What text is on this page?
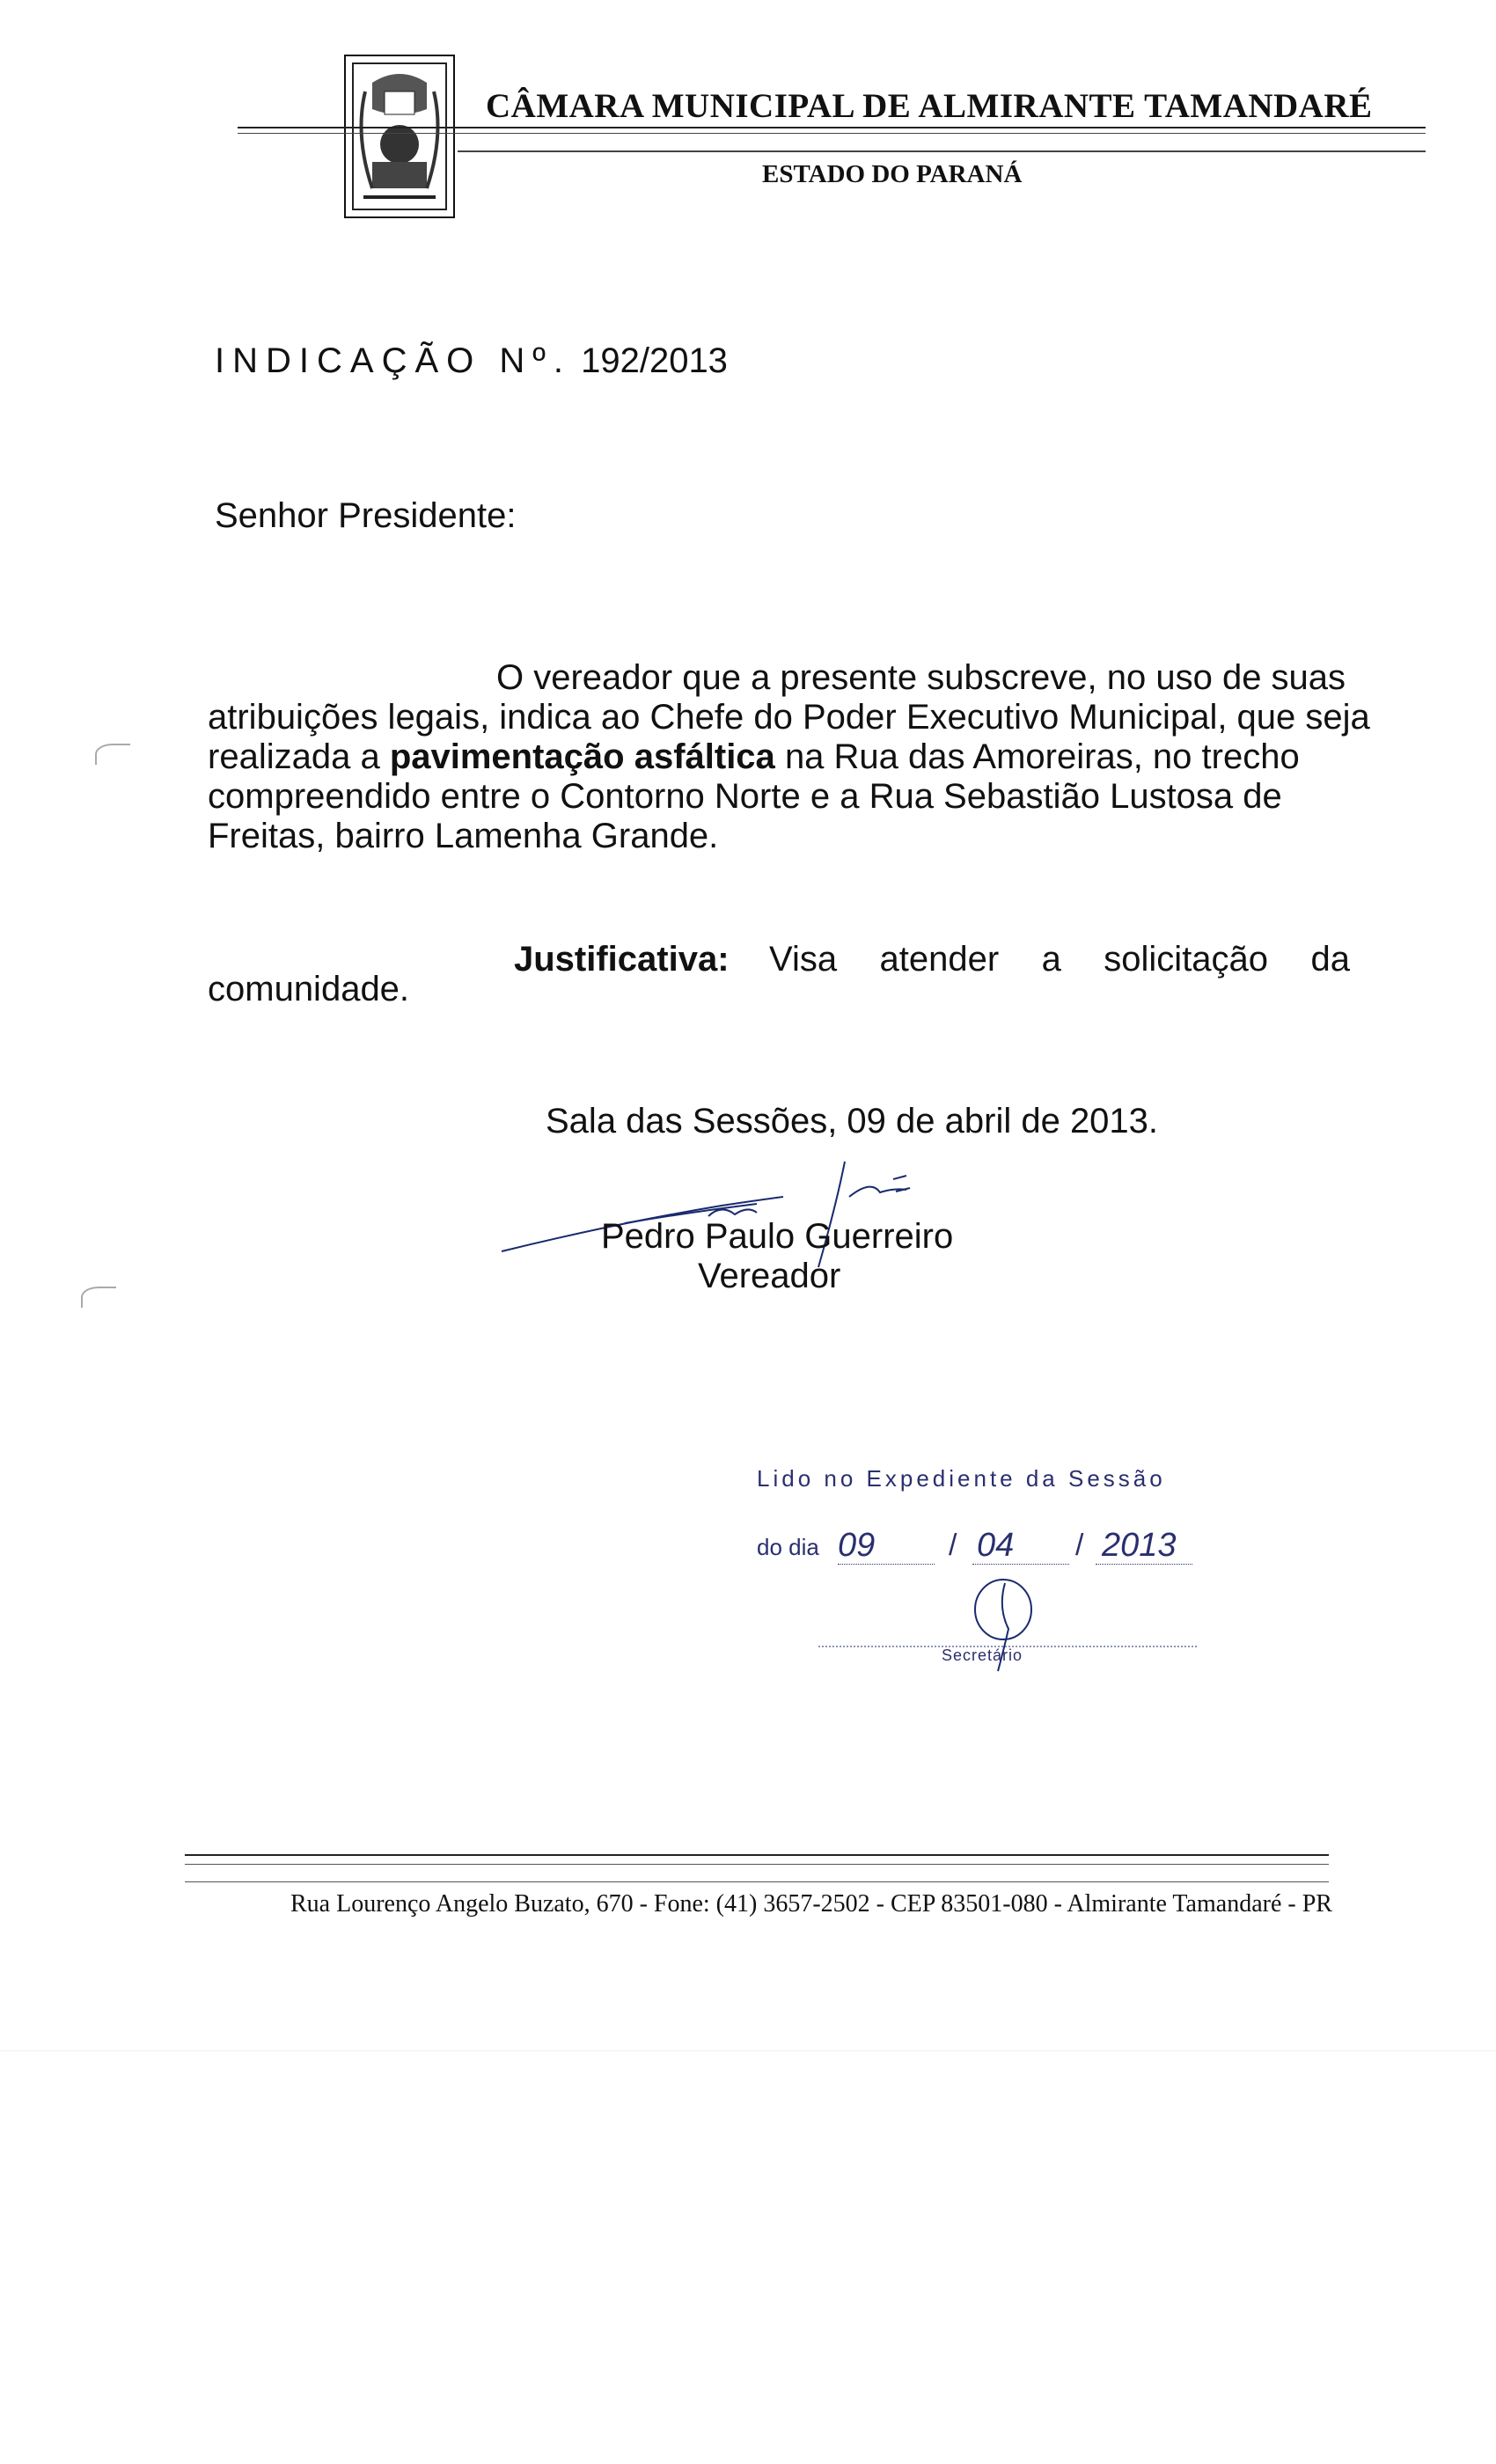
CÂMARA MUNICIPAL DE ALMIRANTE TAMANDARÉ
ESTADO DO PARANÁ
INDICAÇÃO Nº. 192/2013
Senhor Presidente:
O vereador que a presente subscreve, no uso de suas
atribuições legais, indica ao Chefe do Poder Executivo Municipal, que seja
realizada a pavimentação asfáltica na Rua das Amoreiras, no trecho
compreendido entre o Contorno Norte e a Rua Sebastião Lustosa de
Freitas, bairro Lamenha Grande.
Justificativa: Visa atender a solicitação da
comunidade.
Sala das Sessões, 09 de abril de 2013.
Pedro Paulo Guerreiro
Vereador
Lido no Expediente da Sessão
do dia 09 / 04 / 2013
Secretário
Rua Lourenço Angelo Buzato, 670 - Fone: (41) 3657-2502 - CEP 83501-080 - Almirante Tamandaré - PR
